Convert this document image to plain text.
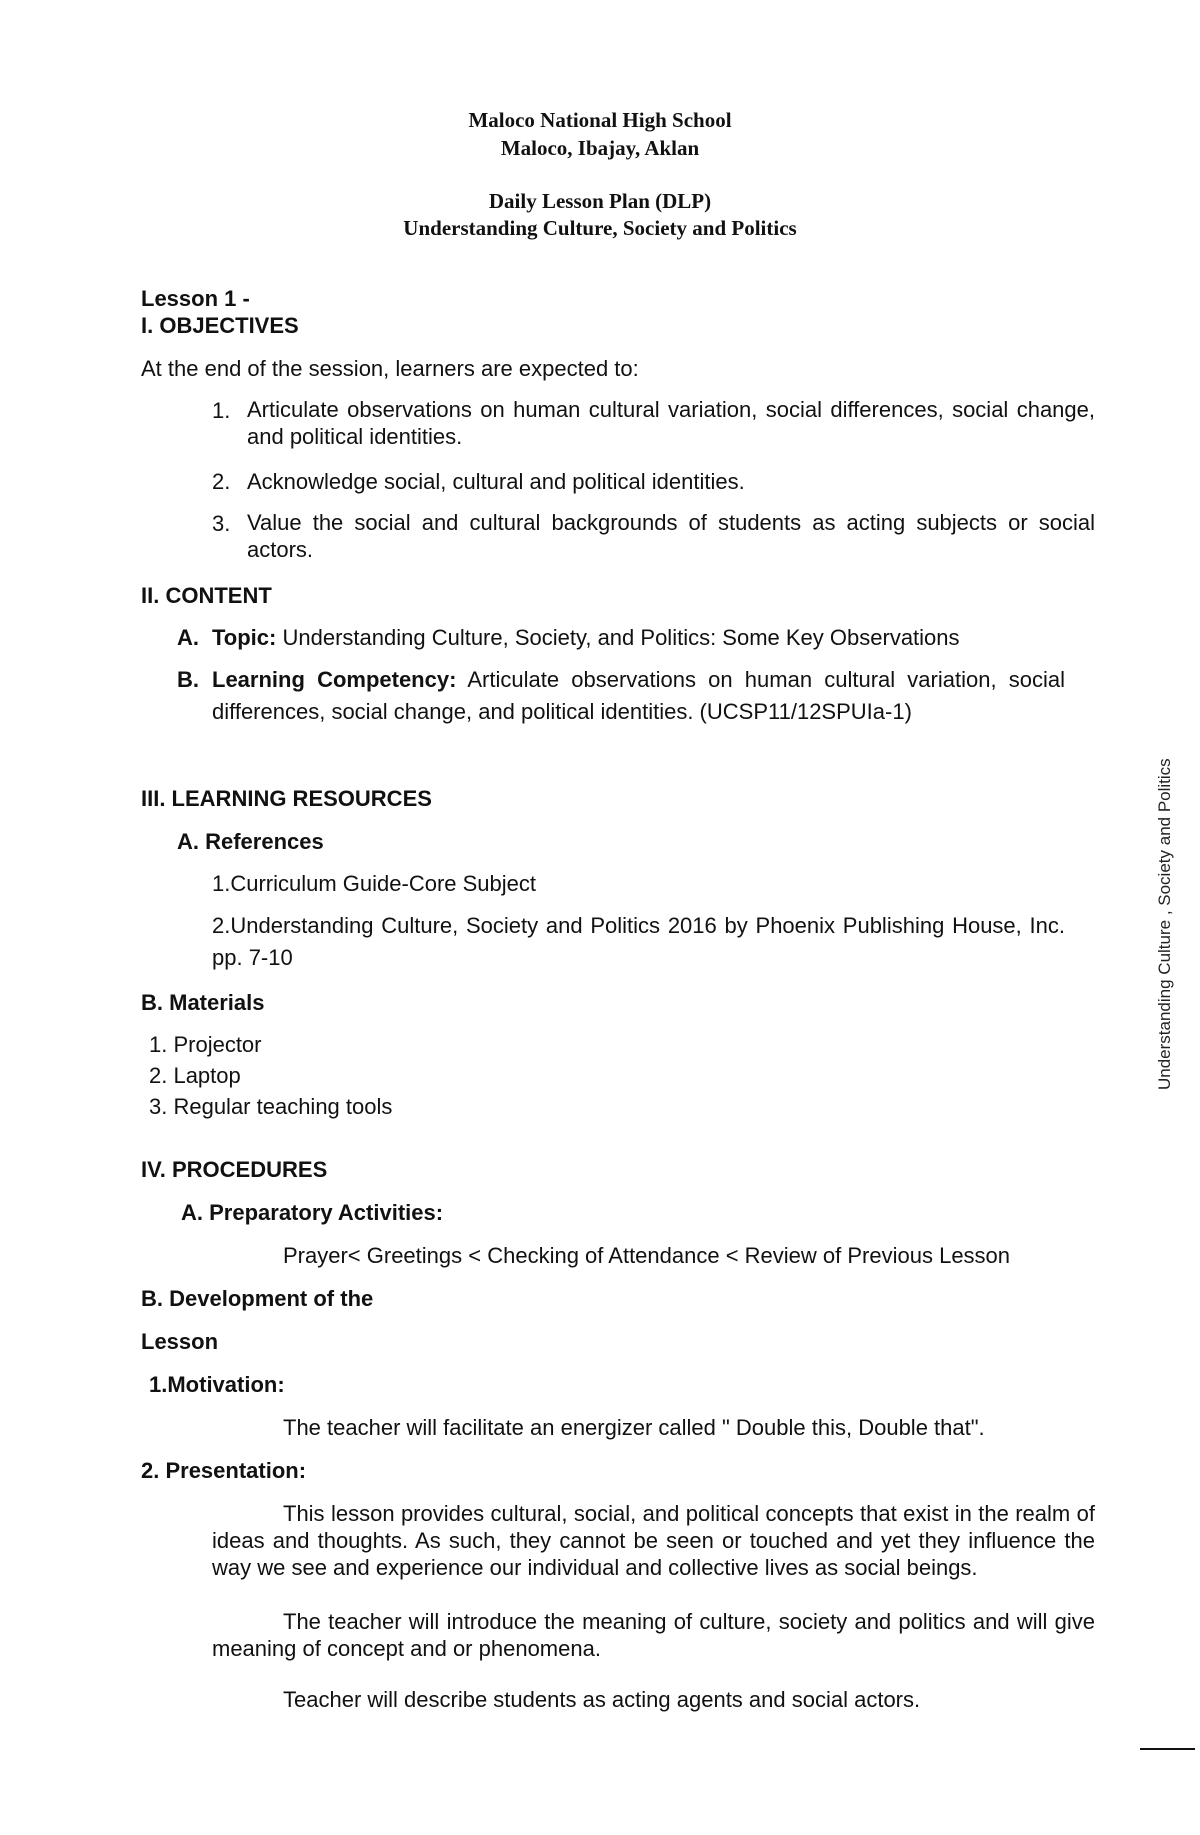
Maloco National High School
Maloco, Ibajay, Aklan
Daily Lesson Plan (DLP)
Understanding Culture, Society and Politics
Lesson 1 -
I. OBJECTIVES
At the end of the session, learners are expected to:
1. Articulate observations on human cultural variation, social differences, social change, and political identities.
2. Acknowledge social, cultural and political identities.
3. Value the social and cultural backgrounds of students as acting subjects or social actors.
II. CONTENT
A. Topic: Understanding Culture, Society, and Politics: Some Key Observations
B. Learning Competency: Articulate observations on human cultural variation, social differences, social change, and political identities. (UCSP11/12SPUIa-1)
III. LEARNING RESOURCES
A. References
1.Curriculum Guide-Core Subject
2.Understanding Culture, Society and Politics 2016 by Phoenix Publishing House, Inc. pp. 7-10
B. Materials
1. Projector
2. Laptop
3. Regular teaching tools
IV. PROCEDURES
A. Preparatory Activities:
Prayer< Greetings < Checking of Attendance < Review of Previous Lesson
B. Development of the
Lesson
1.Motivation:
The teacher will facilitate an energizer called " Double this, Double that".
2. Presentation:
This lesson provides cultural, social, and political concepts that exist in the realm of ideas and thoughts. As such, they cannot be seen or touched and yet they influence the way we see and experience our individual and collective lives as social beings.
The teacher will introduce the meaning of culture, society and politics and will give meaning of concept and or phenomena.
Teacher will describe students as acting agents and social actors.
Understanding Culture , Society and Politics
